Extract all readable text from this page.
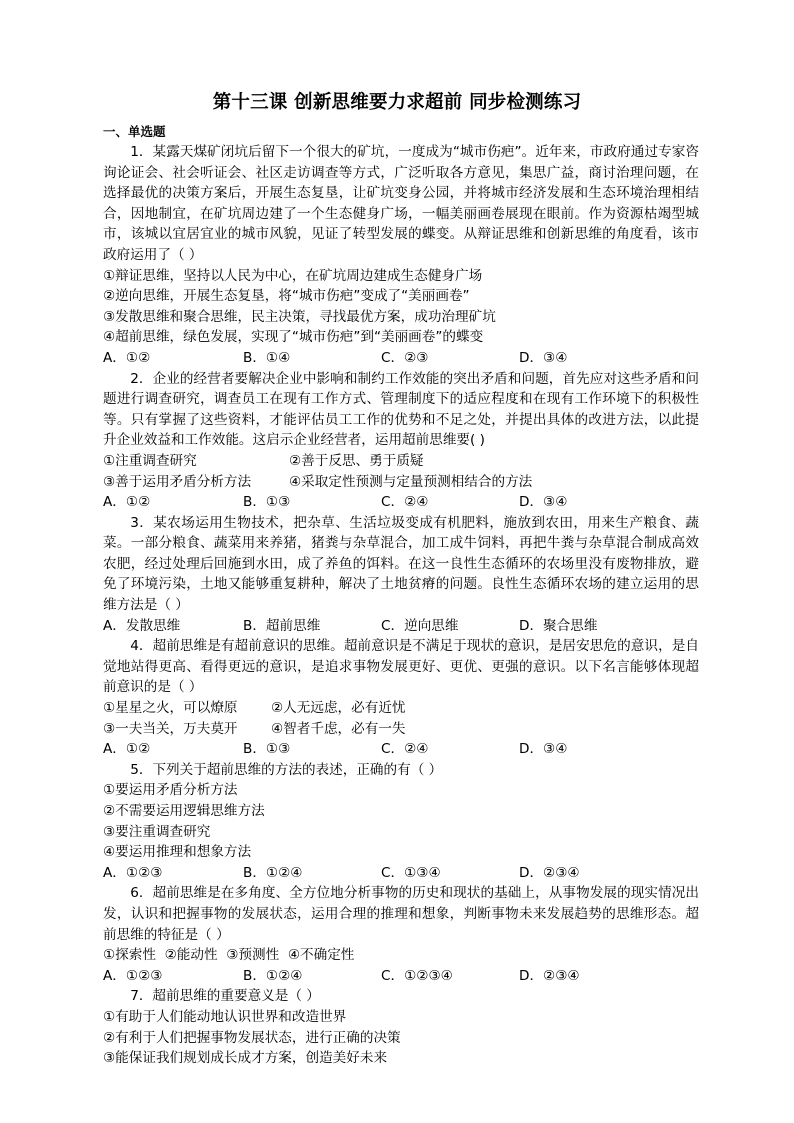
第十三课 创新思维要力求超前 同步检测练习
一、单选题

1．某露天煤矿闭坑后留下一个很大的矿坑，一度成为“城市伤疤”。近年来，市政府通过专家咨询论证会、社会听证会、社区走访调查等方式，广泛听取各方意见，集思广益，商讨治理问题，在选择最优的决策方案后，开展生态复垦，让矿坑变身公园，并将城市经济发展和生态环境治理相结合，因地制宜，在矿坑周边建了一个生态健身广场，一幅美丽画卷展现在眼前。作为资源枯竭型城市，该城以宜居宜业的城市风貌，见证了转型发展的蝶变。从辩证思维和创新思维的角度看，该市政府运用了（ ）

①辩证思维，坚持以人民为中心，在矿坑周边建成生态健身广场
②逆向思维，开展生态复垦，将“城市伤疤”变成了“美丽画卷”
③发散思维和聚合思维，民主决策，寻找最优方案，成功治理矿坑
④超前思维，绿色发展，实现了“城市伤疤”到“美丽画卷”的蝶变
A．①②	B．①④	C．②③	D．③④

2．企业的经营者要解决企业中影响和制约工作效能的突出矛盾和问题，首先应对这些矛盾和问题进行调查研究，调查员工在现有工作方式、管理制度下的适应程度和在现有工作环境下的积极性等。只有掌握了这些资料，才能评估员工工作的优势和不足之处，并提出具体的改进方法，以此提升企业效益和工作效能。这启示企业经营者，运用超前思维要( )

①注重调查研究	②善于反思、勇于质疑
③善于运用矛盾分析方法	④采取定性预测与定量预测相结合的方法
A．①②	B．①③	C．②④	D．③④

3．某农场运用生物技术，把杂草、生活垃圾变成有机肥料，施放到农田，用来生产粮食、蔬菜。一部分粮食、蔬菜用来养猪，猪粪与杂草混合，加工成牛饲料，再把牛粪与杂草混合制成高效农肥，经过处理后回施到水田，成了养鱼的饵料。在这一良性生态循环的农场里没有废物排放，避免了环境污染，土地又能够重复耕种，解决了土地贫瘠的问题。良性生态循环农场的建立运用的思维方法是（ ）

A．发散思维	B．超前思维	C．逆向思维	D．聚合思维

4．超前思维是有超前意识的思维。超前意识是不满足于现状的意识，是居安思危的意识，是自觉地站得更高、看得更远的意识，是追求事物发展更好、更优、更强的意识。以下名言能够体现超前意识的是（ ）

①星星之火，可以燎原 ②人无远虑，必有近忧
③一夫当关，万夫莫开 ④智者千虑，必有一失
A．①②	B．①③	C．②④	D．③④

5．下列关于超前思维的方法的表述，正确的有（ ）

①要运用矛盾分析方法
②不需要运用逻辑思维方法
③要注重调查研究
④要运用推理和想象方法
A．①②③	B．①②④	C．①③④	D．②③④

6．超前思维是在多角度、全方位地分析事物的历史和现状的基础上，从事物发展的现实情况出发，认识和把握事物的发展状态，运用合理的推理和想象，判断事物未来发展趋势的思维形态。超前思维的特征是（ ）

①探索性  ②能动性  ③预测性  ④不确定性
A．①②③	B．①②④	C．①②③④	D．②③④

7．超前思维的重要意义是（ ）

①有助于人们能动地认识世界和改造世界
②有利于人们把握事物发展状态，进行正确的决策
③能保证我们规划成长成才方案，创造美好未来
